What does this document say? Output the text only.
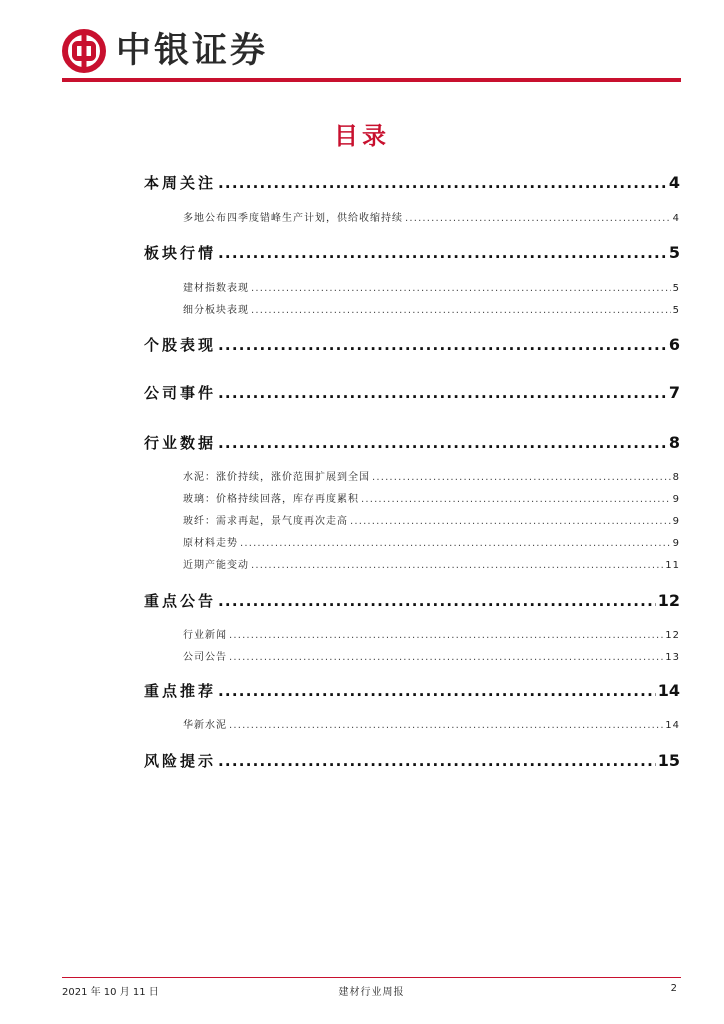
中银证券
目录
本周关注 . . .	4
多地公布四季度错峰生产计划，供给收缩持续 . . .	4
板块行情 . . .	5
建材指数表现 . . .	5
细分板块表现 . . .	5
个股表现 . . .	6
公司事件 . . .	7
行业数据 . . .	8
水泥：涨价持续，涨价范围扩展到全国 . . .	8
玻璃：价格持续回落，库存再度累积 . . .	9
玻纤：需求再起，景气度再次走高 . . .	9
原材料走势 . . .	9
近期产能变动 . . .	11
重点公告 . . .	12
行业新闻 . . .	12
公司公告 . . .	13
重点推荐 . . .	14
华新水泥 . . .	14
风险提示 . . .	15
2021 年 10 月 11 日	建材行业周报	2
